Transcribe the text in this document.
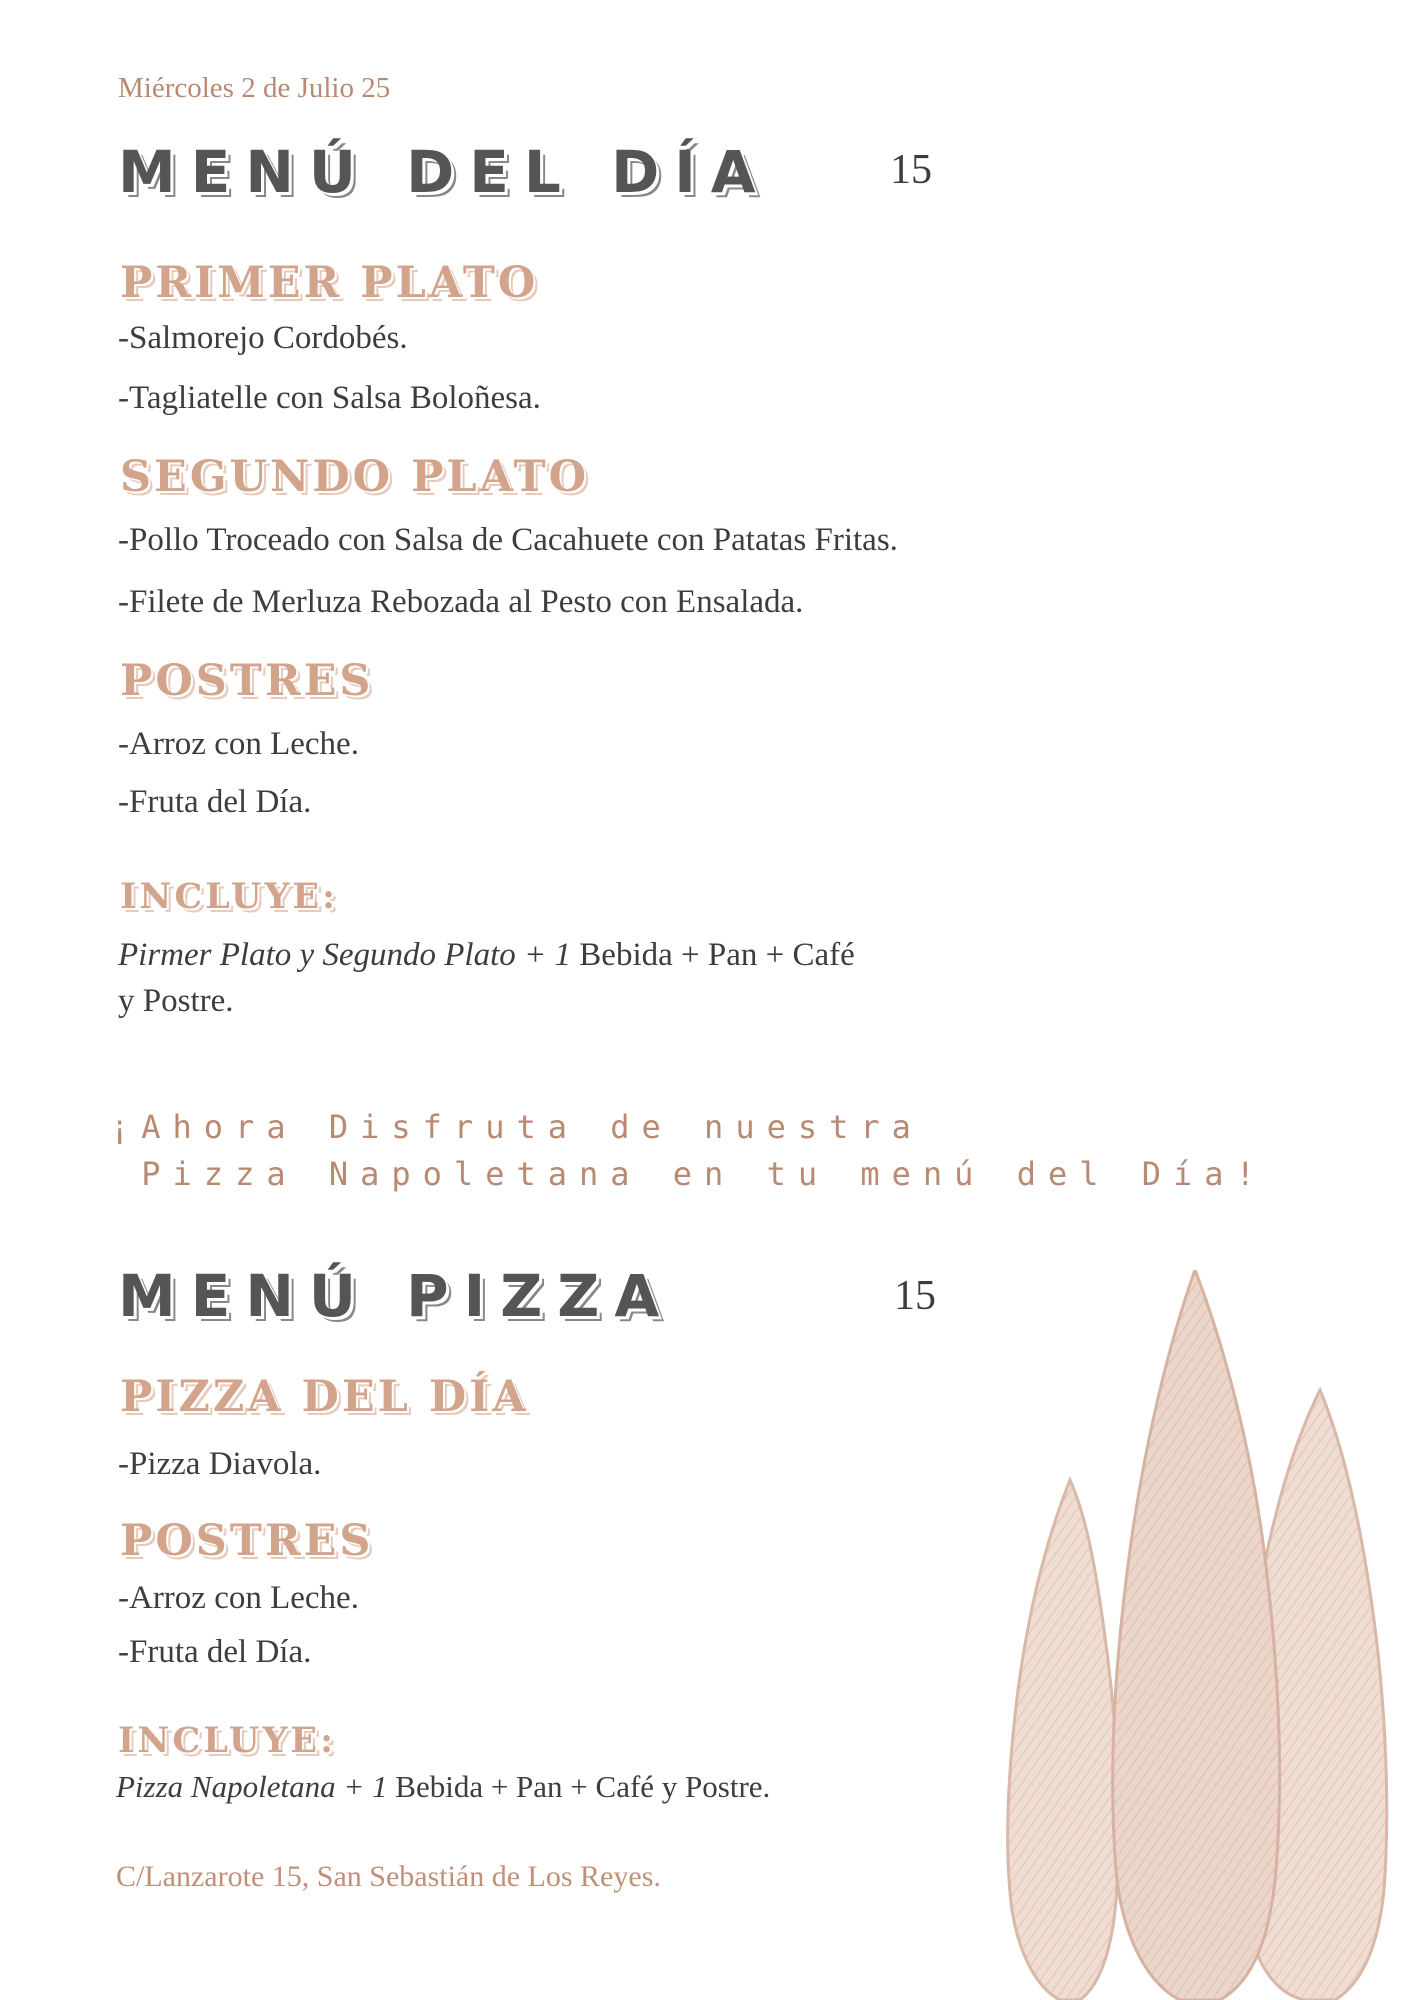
Miércoles 2 de Julio 25
MENÚ DEL DÍA	15
PRIMER PLATO
-Salmorejo Cordobés.
-Tagliatelle con Salsa Boloñesa.
SEGUNDO PLATO
-Pollo Troceado con Salsa de Cacahuete con Patatas Fritas.
-Filete de Merluza Rebozada al Pesto con Ensalada.
POSTRES
-Arroz con Leche.
-Fruta del Día.
INCLUYE:
Pirmer Plato y Segundo Plato + 1 Bebida + Pan + Café
y Postre.
¡Ahora Disfruta de nuestra
Pizza Napoletana en tu menú del Día!
MENÚ PIZZA	15
PIZZA DEL DÍA
-Pizza Diavola.
POSTRES
-Arroz con Leche.
-Fruta del Día.
INCLUYE:
Pizza Napoletana + 1 Bebida + Pan + Café y Postre.
C/Lanzarote 15, San Sebastián de Los Reyes.
